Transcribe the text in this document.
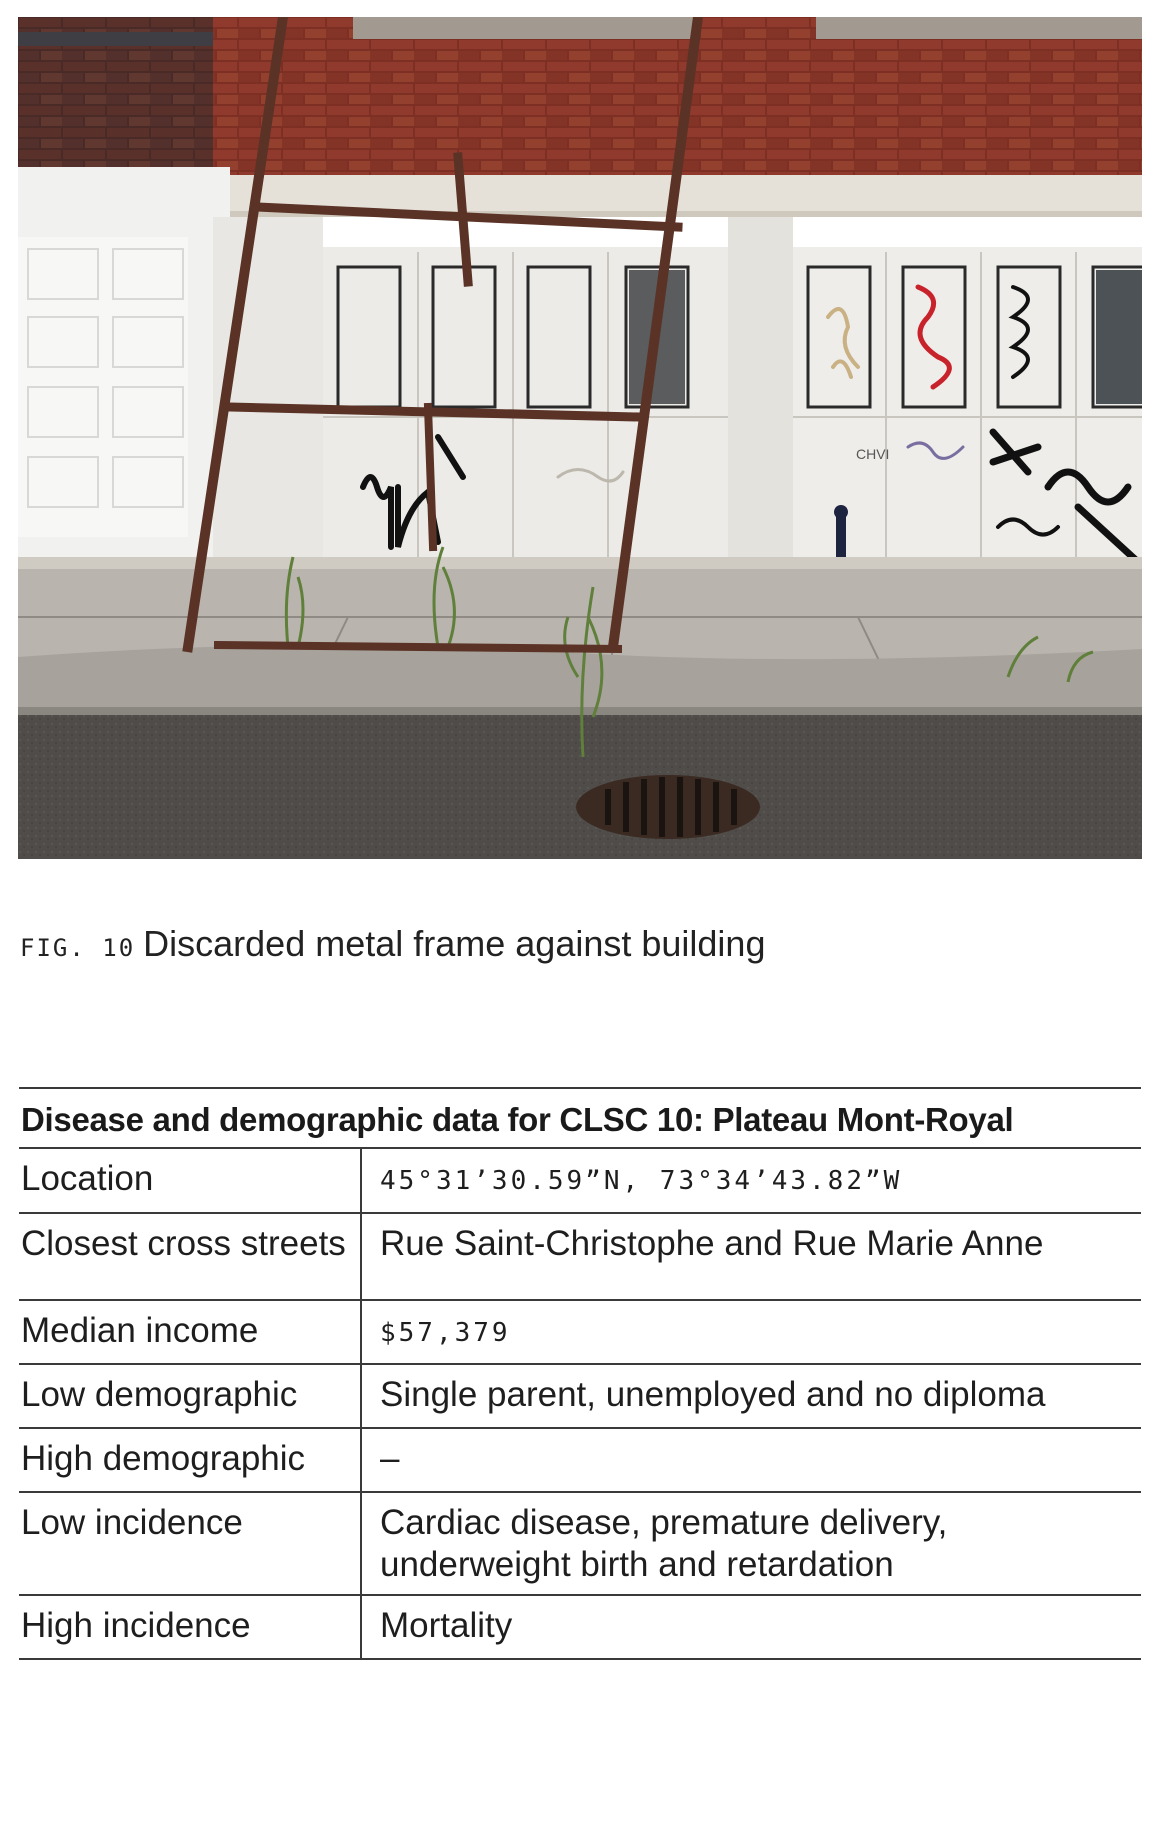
CHVI
FIG. 10 Discarded metal frame against building
Disease and demographic data for CLSC 10: Plateau Mont-Royal
Location	45°31’30.59”N, 73°34’43.82”W
Closest cross streets	Rue Saint-Christophe and Rue Marie Anne
Median income	$57,379
Low demographic	Single parent, unemployed and no diploma
High demographic	–
Low incidence	Cardiac disease, premature delivery, underweight birth and retardation
High incidence	Mortality
